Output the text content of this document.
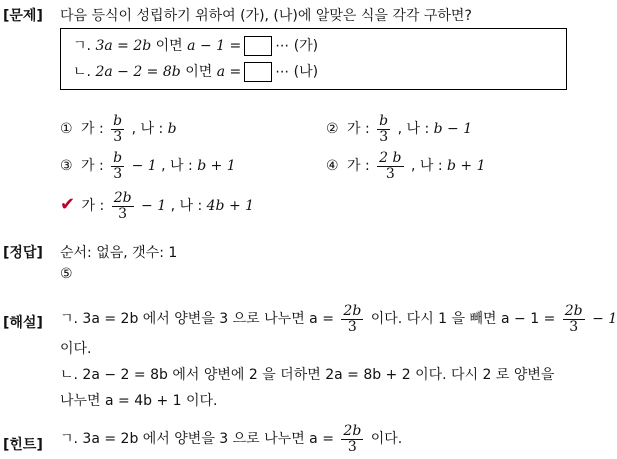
[문제] 다음 등식이 성립하기 위하여 (가), (나)에 알맞은 식을 각각 구하면?
ㄱ. 3a = 2b 이면 a − 1 = ⋯ (가)
ㄴ. 2a − 2 = 8b 이면 a = ⋯ (나)
① 가 : $\frac{b}{3}$ , 나 : b	② 가 : $\frac{b}{3}$ , 나 : b − 1
③ 가 : $\frac{b}{3} - 1$ , 나 : b + 1	④ 가 : $\frac{2 b}{3}$ , 나 : b + 1
✔ 가 : $\frac{2b}{3} - 1$ , 나 : 4b + 1
[정답] 순서: 없음, 갯수: 1
⑤
[해설] ㄱ. 3a = 2b 에서 양변을 3 으로 나누면 $a = \frac{2b}{3}$ 이다. 다시 1 을 빼면 $a - 1 = \frac{2b}{3} - 1$
이다.
ㄴ. 2a − 2 = 8b 에서 양변에 2 을 더하면 2a = 8b + 2 이다. 다시 2 로 양변을
나누면 a = 4b + 1 이다.
[힌트] ㄱ. 3a = 2b 에서 양변을 3 으로 나누면 $a = \frac{2b}{3}$ 이다.
